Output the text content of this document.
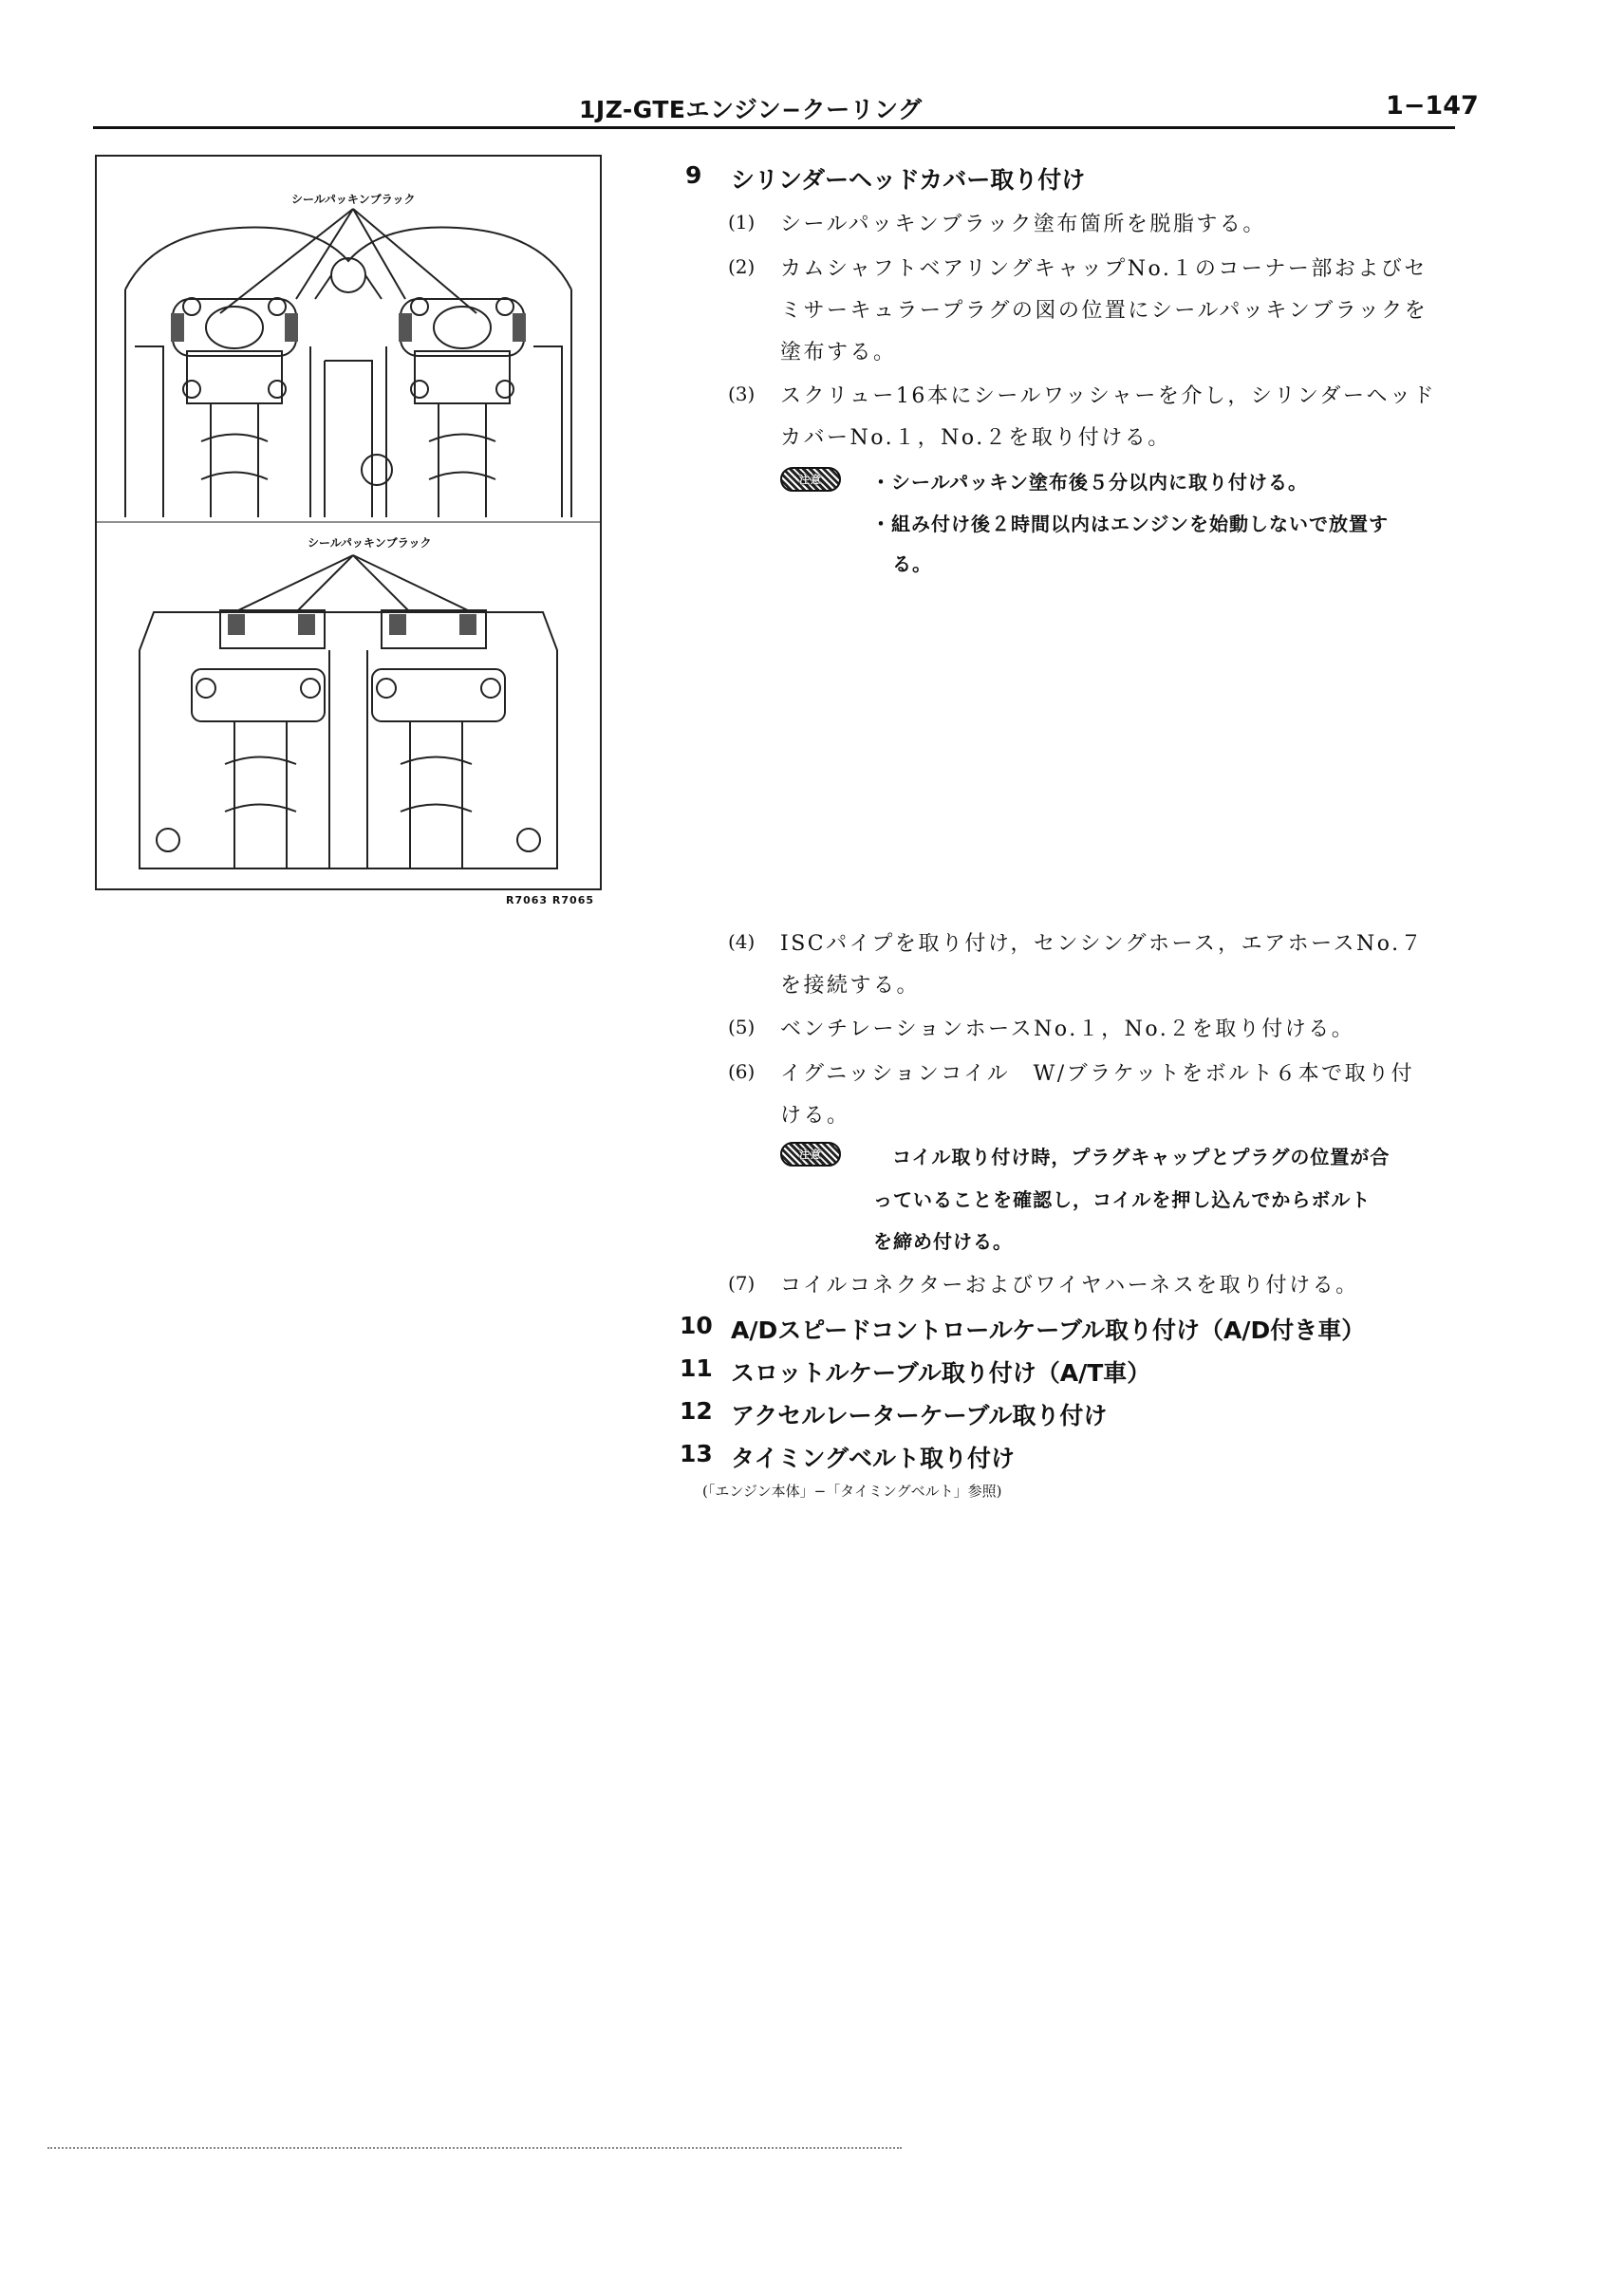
1JZ-GTEエンジン−クーリング	1−147
シールパッキンブラック
シールパッキンブラック
R7063 R7065
9 シリンダーヘッドカバー取り付け
(1) シールパッキンブラック塗布箇所を脱脂する。
(2) カムシャフトベアリングキャップNo.１のコーナー部およびセ
ミサーキュラープラグの図の位置にシールパッキンブラックを
塗布する。
(3) スクリュー16本にシールワッシャーを介し，シリンダーヘッド
カバーNo.１，No.２を取り付ける。
注意	・シールパッキン塗布後５分以内に取り付ける。
・組み付け後２時間以内はエンジンを始動しないで放置す
る。
(4) ISCパイプを取り付け，センシングホース，エアホースNo.７
を接続する。
(5) ベンチレーションホースNo.１，No.２を取り付ける。
(6) イグニッションコイル　W/ブラケットをボルト６本で取り付
ける。
注意	コイル取り付け時，プラグキャップとプラグの位置が合
っていることを確認し，コイルを押し込んでからボルト
を締め付ける。
(7) コイルコネクターおよびワイヤハーネスを取り付ける。
10 A/Dスピードコントロールケーブル取り付け（A/D付き車）
11 スロットルケーブル取り付け（A/T車）
12 アクセルレーターケーブル取り付け
13 タイミングベルト取り付け
(「エンジン本体」−「タイミングベルト」参照)
